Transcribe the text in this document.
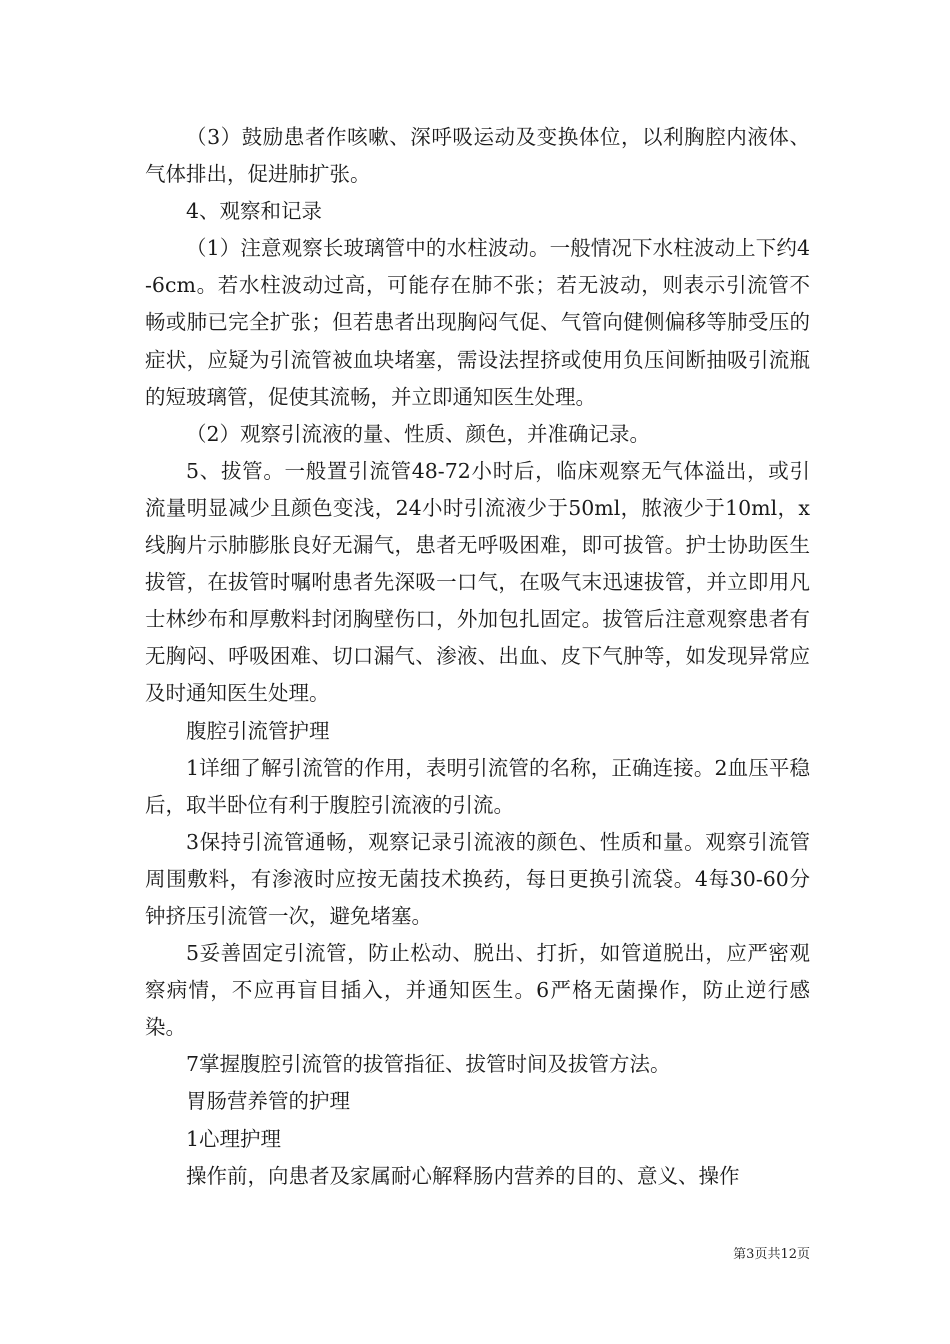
（3）鼓励患者作咳嗽、深呼吸运动及变换体位，以利胸腔内液体、气体排出，促进肺扩张。

4、观察和记录

（1）注意观察长玻璃管中的水柱波动。一般情况下水柱波动上下约4-6cm。若水柱波动过高，可能存在肺不张；若无波动，则表示引流管不畅或肺已完全扩张；但若患者出现胸闷气促、气管向健侧偏移等肺受压的症状，应疑为引流管被血块堵塞，需设法捏挤或使用负压间断抽吸引流瓶的短玻璃管，促使其流畅，并立即通知医生处理。

（2）观察引流液的量、性质、颜色，并准确记录。

5、拔管。一般置引流管48-72小时后，临床观察无气体溢出，或引流量明显减少且颜色变浅，24小时引流液少于50ml，脓液少于10ml，x线胸片示肺膨胀良好无漏气，患者无呼吸困难，即可拔管。护士协助医生拔管，在拔管时嘱咐患者先深吸一口气，在吸气末迅速拔管，并立即用凡士林纱布和厚敷料封闭胸壁伤口，外加包扎固定。拔管后注意观察患者有无胸闷、呼吸困难、切口漏气、渗液、出血、皮下气肿等，如发现异常应及时通知医生处理。

腹腔引流管护理

1详细了解引流管的作用，表明引流管的名称，正确连接。2血压平稳后，取半卧位有利于腹腔引流液的引流。

3保持引流管通畅，观察记录引流液的颜色、性质和量。观察引流管周围敷料，有渗液时应按无菌技术换药，每日更换引流袋。4每30-60分钟挤压引流管一次，避免堵塞。

5妥善固定引流管，防止松动、脱出、打折，如管道脱出，应严密观察病情，不应再盲目插入，并通知医生。6严格无菌操作，防止逆行感染。

7掌握腹腔引流管的拔管指征、拔管时间及拔管方法。

胃肠营养管的护理

1心理护理

操作前，向患者及家属耐心解释肠内营养的目的、意义、操作

第3页共12页
